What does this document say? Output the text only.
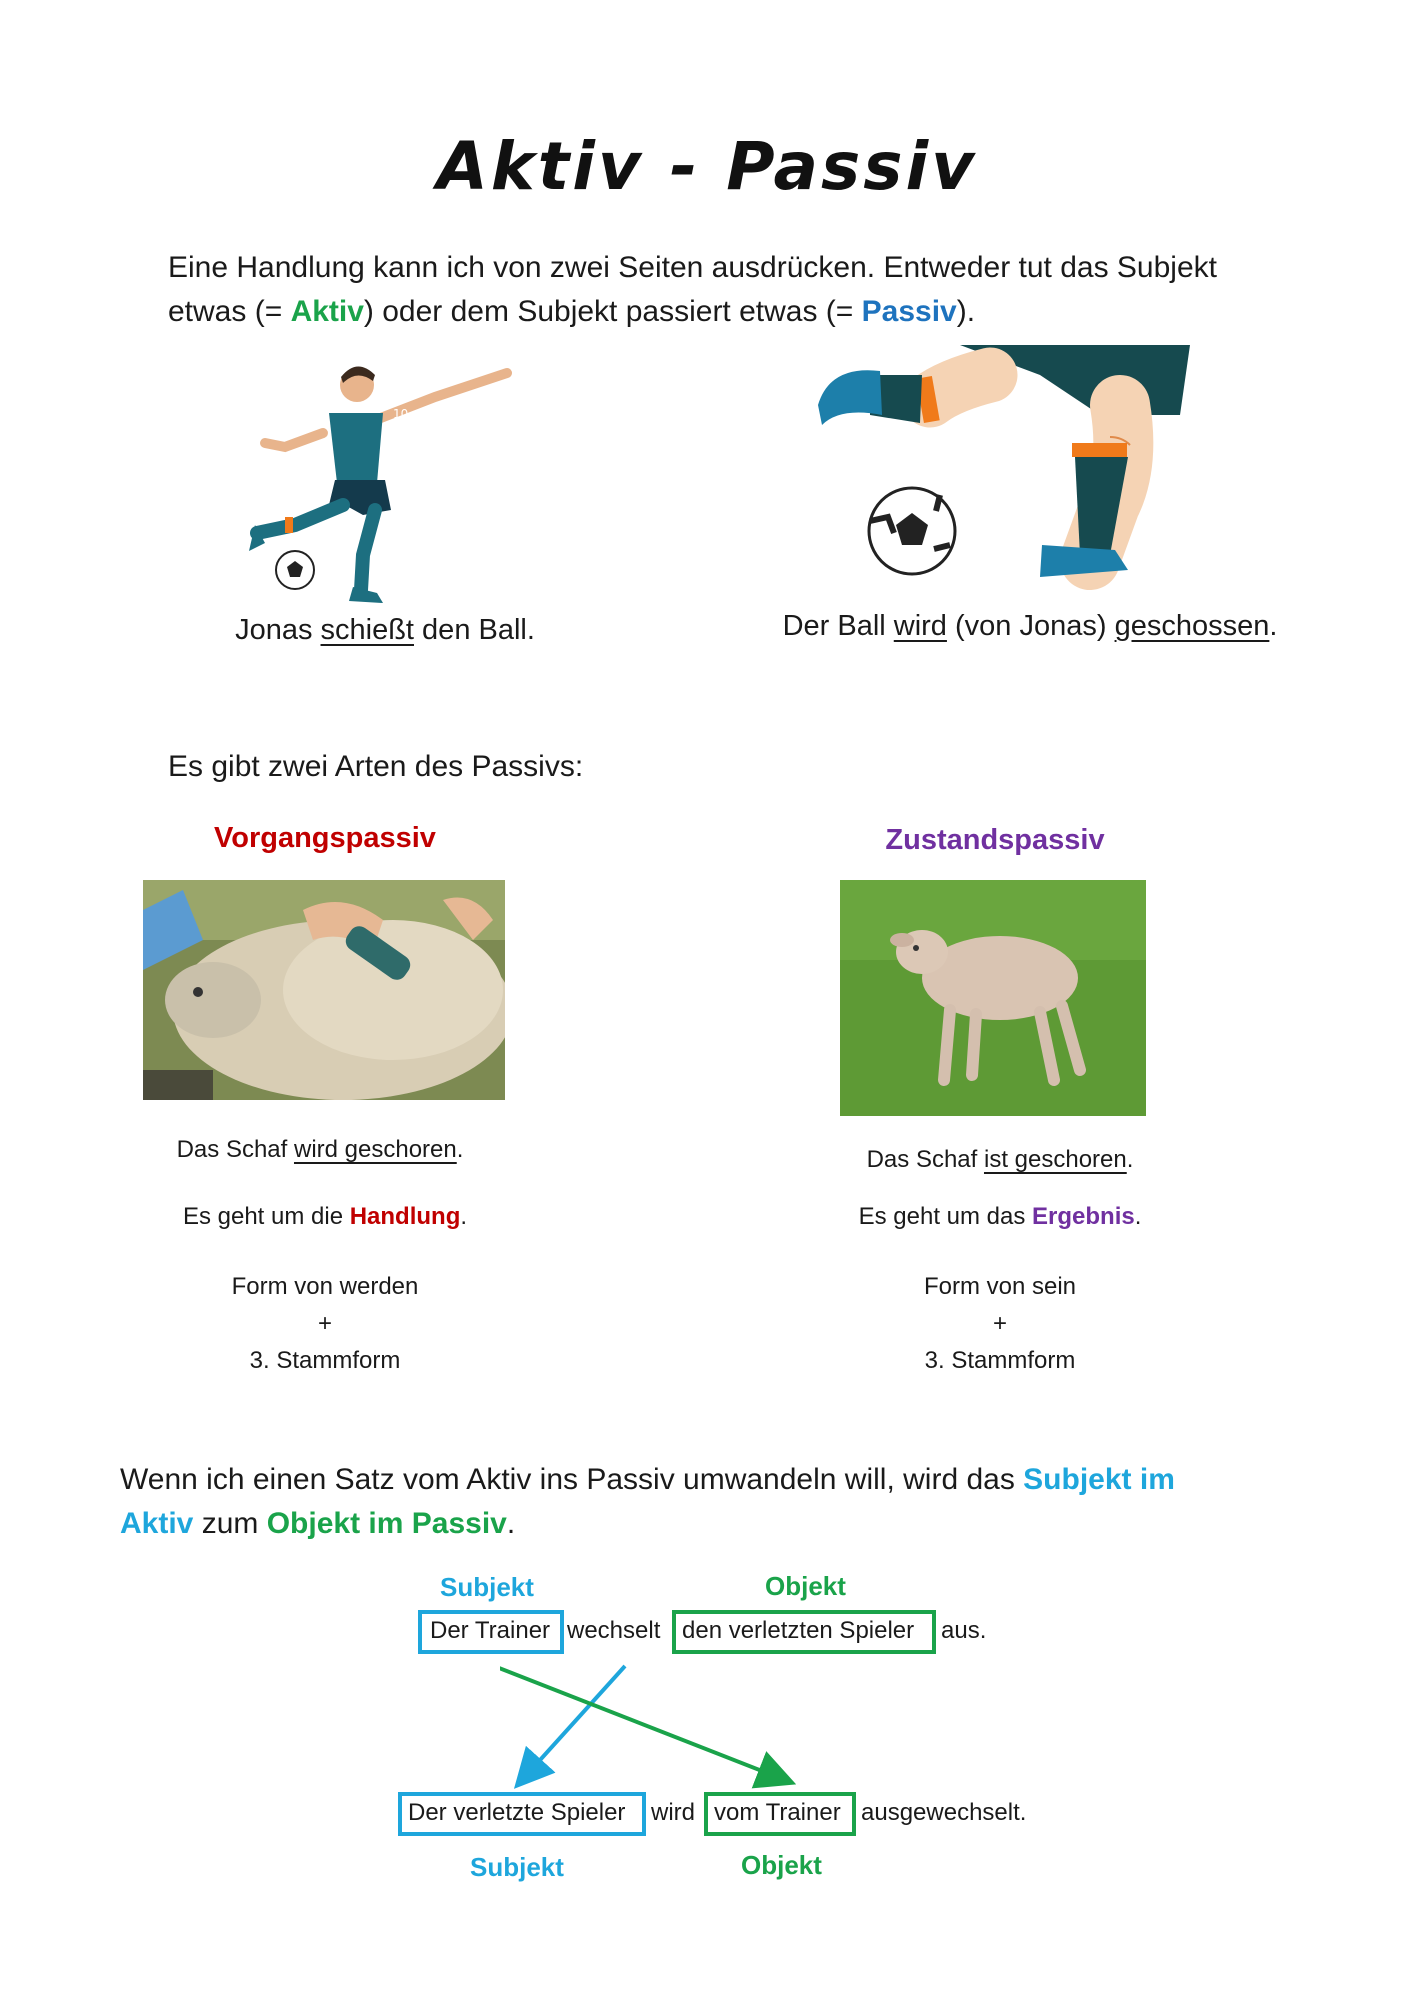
Aktiv - Passiv
Eine Handlung kann ich von zwei Seiten ausdrücken. Entweder tut das Subjekt
etwas (= Aktiv) oder dem Subjekt passiert etwas (= Passiv).
10
Jonas schießt den Ball.	Der Ball wird (von Jonas) geschossen.
Es gibt zwei Arten des Passivs:
Vorgangspassiv
Das Schaf wird geschoren.
Es geht um die Handlung.
Form von werden
+
3. Stammform
Zustandspassiv
Das Schaf ist geschoren.
Es geht um das Ergebnis.
Form von sein
+
3. Stammform
Wenn ich einen Satz vom Aktiv ins Passiv umwandeln will, wird das Subjekt im
Aktiv zum Objekt im Passiv.
Subjekt	Objekt
Der Trainer wechselt den verletzten Spieler aus.
Der verletzte Spieler wird vom Trainer ausgewechselt.
Subjekt	Objekt
